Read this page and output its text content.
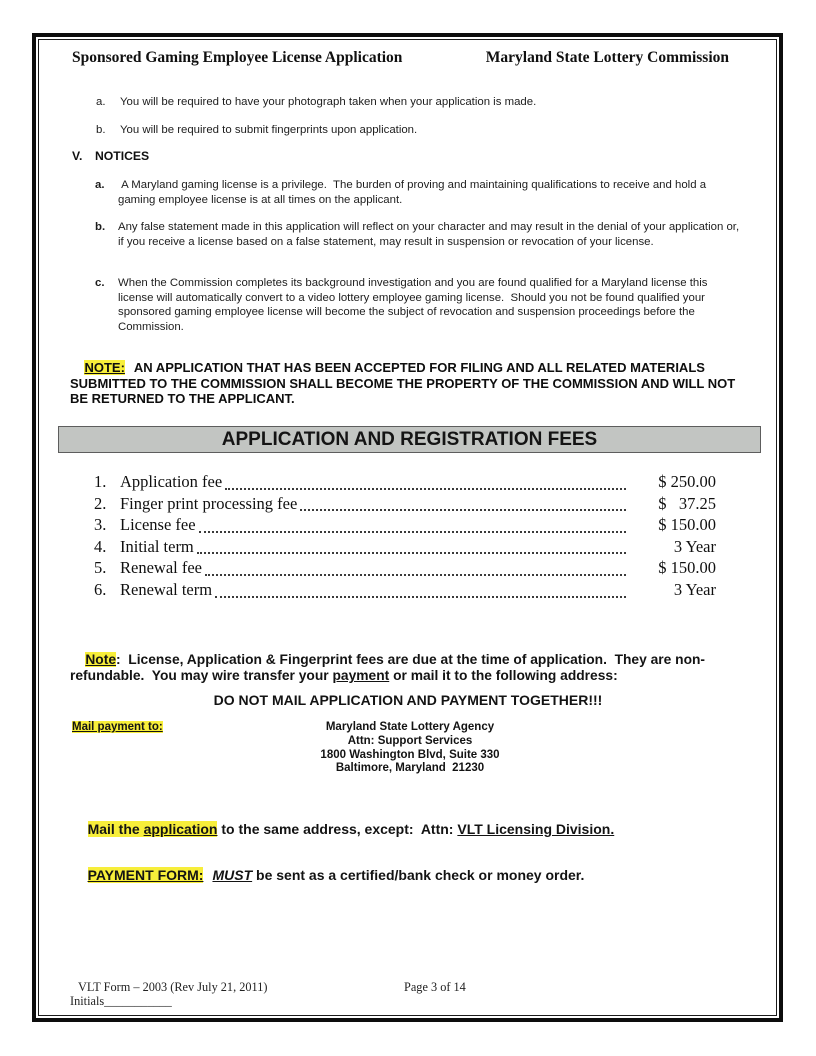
Sponsored Gaming Employee License Application	Maryland State Lottery Commission
a.	You will be required to have your photograph taken when your application is made.
b.	You will be required to submit fingerprints upon application.
V.	NOTICES
a.	A Maryland gaming license is a privilege.  The burden of proving and maintaining qualifications to receive and hold a gaming employee license is at all times on the applicant.
b.	Any false statement made in this application will reflect on your character and may result in the denial of your application or, if you receive a license based on a false statement, may result in suspension or revocation of your license.
c.	When the Commission completes its background investigation and you are found qualified for a Maryland license this license will automatically convert to a video lottery employee gaming license.  Should you not be found qualified your sponsored gaming employee license will become the subject of revocation and suspension proceedings before the Commission.

NOTE: AN APPLICATION THAT HAS BEEN ACCEPTED FOR FILING AND ALL RELATED MATERIALS SUBMITTED TO THE COMMISSION SHALL BECOME THE PROPERTY OF THE COMMISSION AND WILL NOT BE RETURNED TO THE APPLICANT.

APPLICATION AND REGISTRATION FEES
1. Application fee	$ 250.00
2. Finger print processing fee	$   37.25
3. License fee	$ 150.00
4. Initial term	3 Year
5. Renewal fee	$ 150.00
6. Renewal term	3 Year

Note:  License, Application & Fingerprint fees are due at the time of application.  They are non-refundable.  You may wire transfer your payment or mail it to the following address:

DO NOT MAIL APPLICATION AND PAYMENT TOGETHER!!!
Mail payment to:	Maryland State Lottery Agency
Attn: Support Services
1800 Washington Blvd, Suite 330
Baltimore, Maryland  21230

Mail the application to the same address, except:  Attn: VLT Licensing Division.

PAYMENT FORM: MUST be sent as a certified/bank check or money order.

VLT Form – 2003 (Rev July 21, 2011)	Page 3 of 14
Initials___________
